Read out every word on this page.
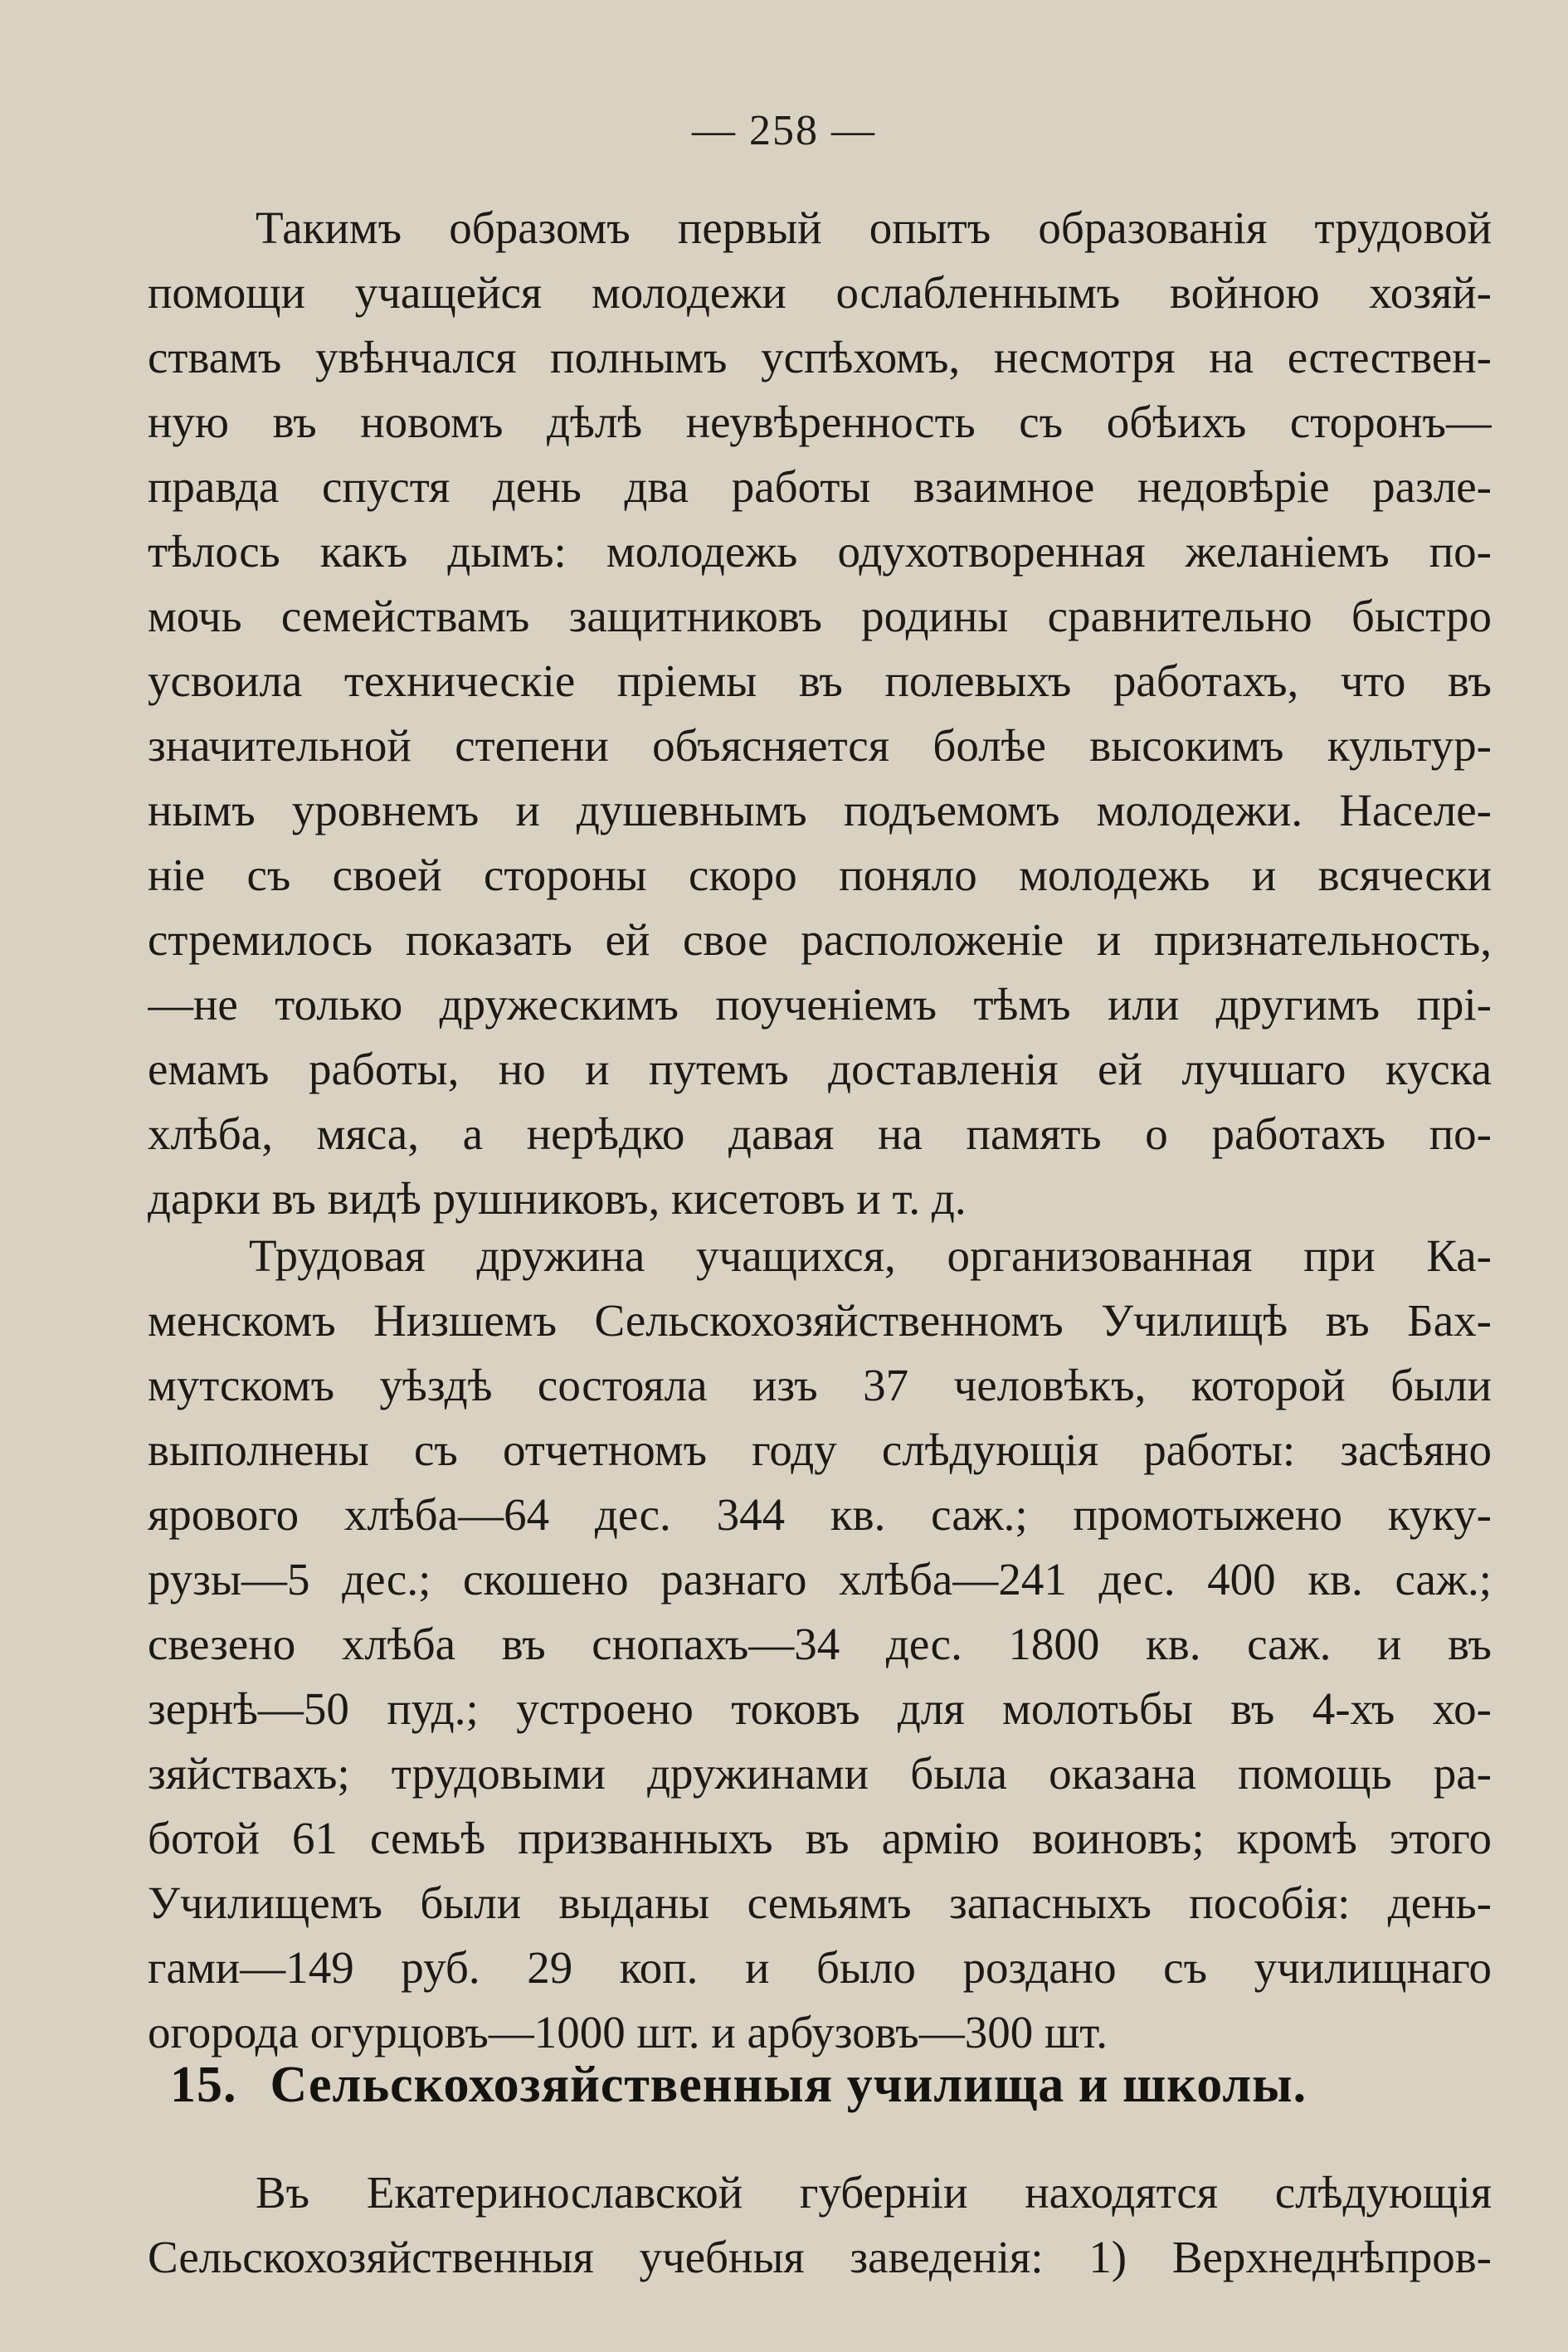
— 258 —
Такимъ образомъ первый опытъ образованія трудовой
помощи учащейся молодежи ослабленнымъ войною хозяй-
ствамъ увѣнчался полнымъ успѣхомъ, несмотря на естествен-
ную въ новомъ дѣлѣ неувѣренность съ обѣихъ сторонъ—
правда спустя день два работы взаимное недовѣріе разле-
тѣлось какъ дымъ: молодежь одухотворенная желаніемъ по-
мочь семействамъ защитниковъ родины сравнительно быстро
усвоила техническіе пріемы въ полевыхъ работахъ, что въ
значительной степени объясняется болѣе высокимъ культур-
нымъ уровнемъ и душевнымъ подъемомъ молодежи. Населе-
ніе съ своей стороны скоро поняло молодежь и всячески
стремилось показать ей свое расположеніе и признательность,
—не только дружескимъ поученіемъ тѣмъ или другимъ прі-
емамъ работы, но и путемъ доставленія ей лучшаго куска
хлѣба, мяса, а нерѣдко давая на память о работахъ по-
дарки въ видѣ рушниковъ, кисетовъ и т. д.
Трудовая дружина учащихся, организованная при Ка-
менскомъ Низшемъ Сельскохозяйственномъ Училищѣ въ Бах-
мутскомъ уѣздѣ состояла изъ 37 человѣкъ, которой были
выполнены съ отчетномъ году слѣдующія работы: засѣяно
ярового хлѣба—64 дес. 344 кв. саж.; промотыжено куку-
рузы—5 дес.; скошено разнаго хлѣба—241 дес. 400 кв. саж.;
свезено хлѣба въ снопахъ—34 дес. 1800 кв. саж. и въ
зернѣ—50 пуд.; устроено токовъ для молотьбы въ 4-хъ хо-
зяйствахъ; трудовыми дружинами была оказана помощь ра-
ботой 61 семьѣ призванныхъ въ армію воиновъ; кромѣ этого
Училищемъ были выданы семьямъ запасныхъ пособія: день-
гами—149 руб. 29 коп. и было роздано съ училищнаго
огорода огурцовъ—1000 шт. и арбузовъ—300 шт.
15. Сельскохозяйственныя училища и школы.
Въ Екатеринославской губерніи находятся слѣдующія
Сельскохозяйственныя учебныя заведенія: 1) Верхнеднѣпров-
